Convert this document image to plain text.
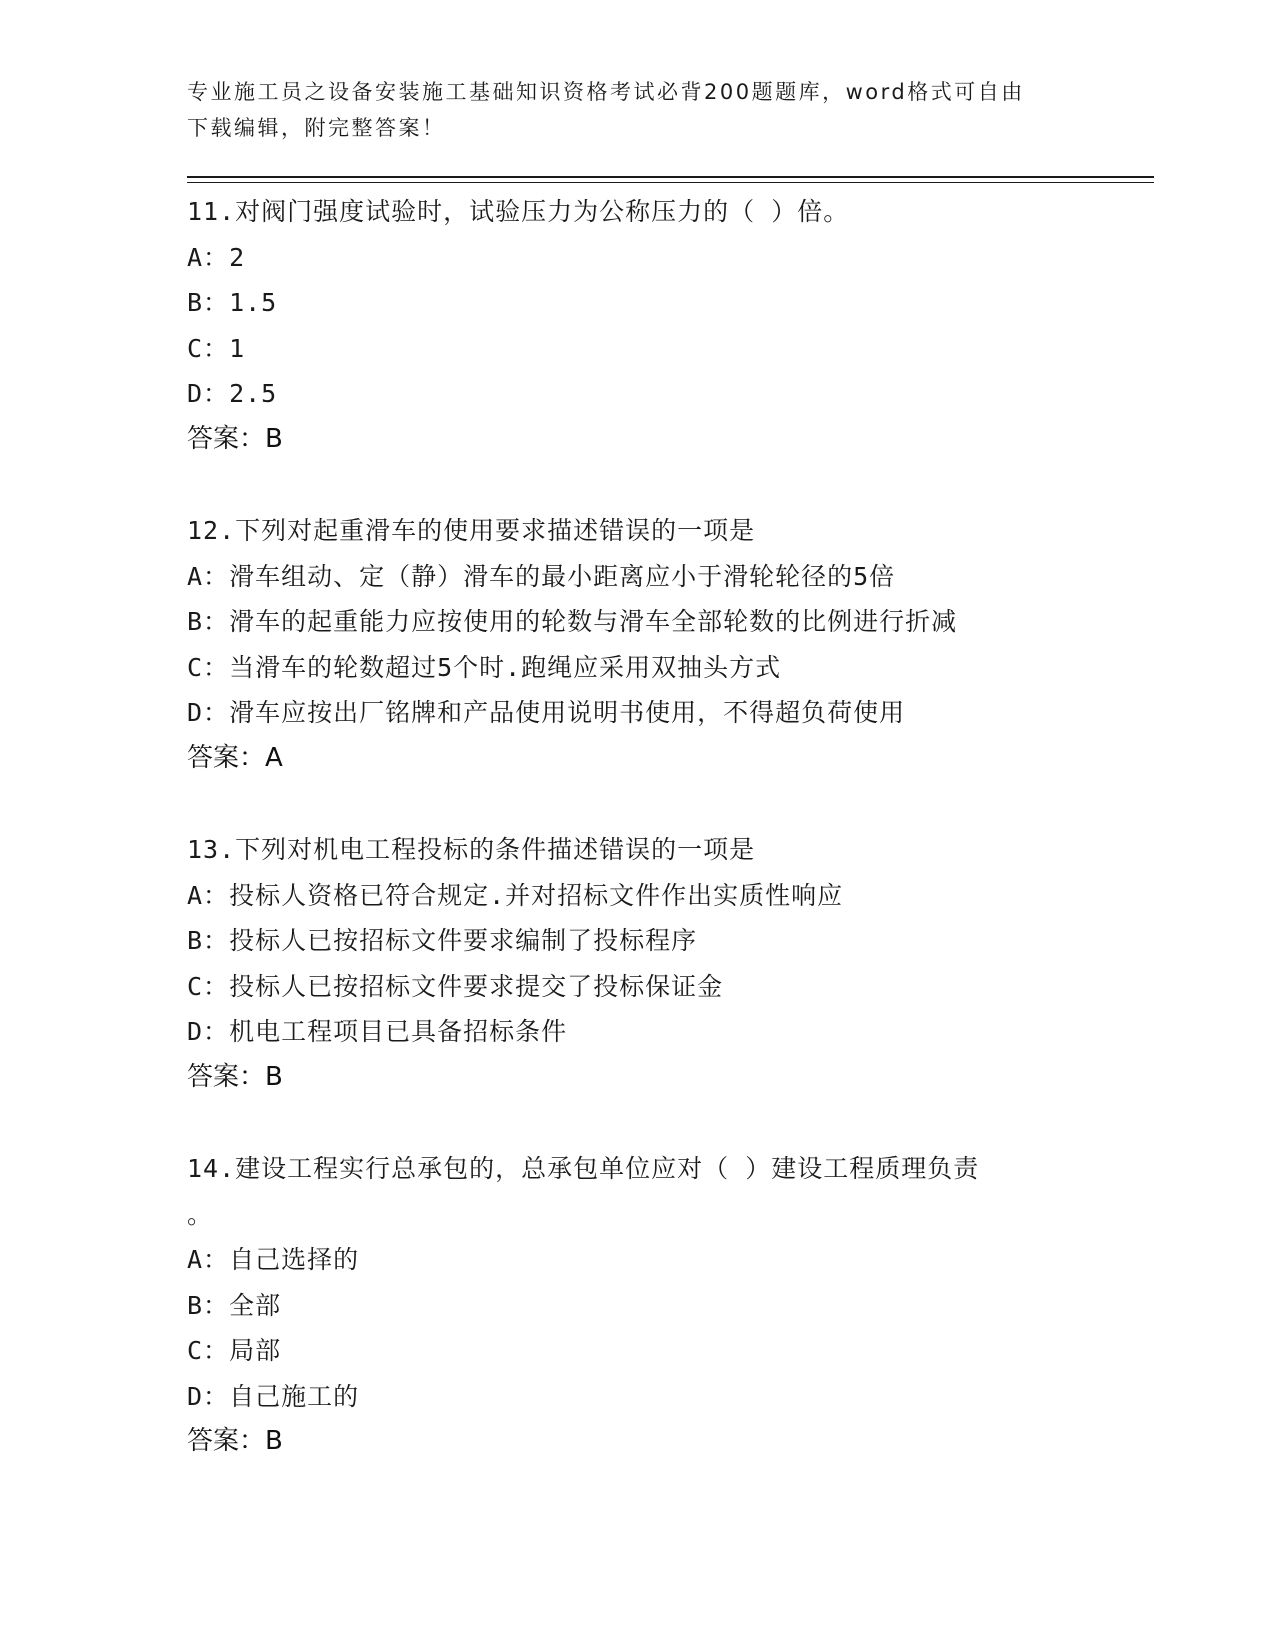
专业施工员之设备安装施工基础知识资格考试必背200题题库，word格式可自由
下载编辑，附完整答案！
11.对阀门强度试验时，试验压力为公称压力的（ ）倍。
A：2
B：1.5
C：1
D：2.5
答案：B
12.下列对起重滑车的使用要求描述错误的一项是
A：滑车组动、定（静）滑车的最小距离应小于滑轮轮径的5倍
B：滑车的起重能力应按使用的轮数与滑车全部轮数的比例进行折减
C：当滑车的轮数超过5个时.跑绳应采用双抽头方式
D：滑车应按出厂铭牌和产品使用说明书使用，不得超负荷使用
答案：A
13.下列对机电工程投标的条件描述错误的一项是
A：投标人资格已符合规定.并对招标文件作出实质性响应
B：投标人已按招标文件要求编制了投标程序
C：投标人已按招标文件要求提交了投标保证金
D：机电工程项目已具备招标条件
答案：B
14.建设工程实行总承包的，总承包单位应对（ ）建设工程质理负责
。
A：自己选择的
B：全部
C：局部
D：自己施工的
答案：B
